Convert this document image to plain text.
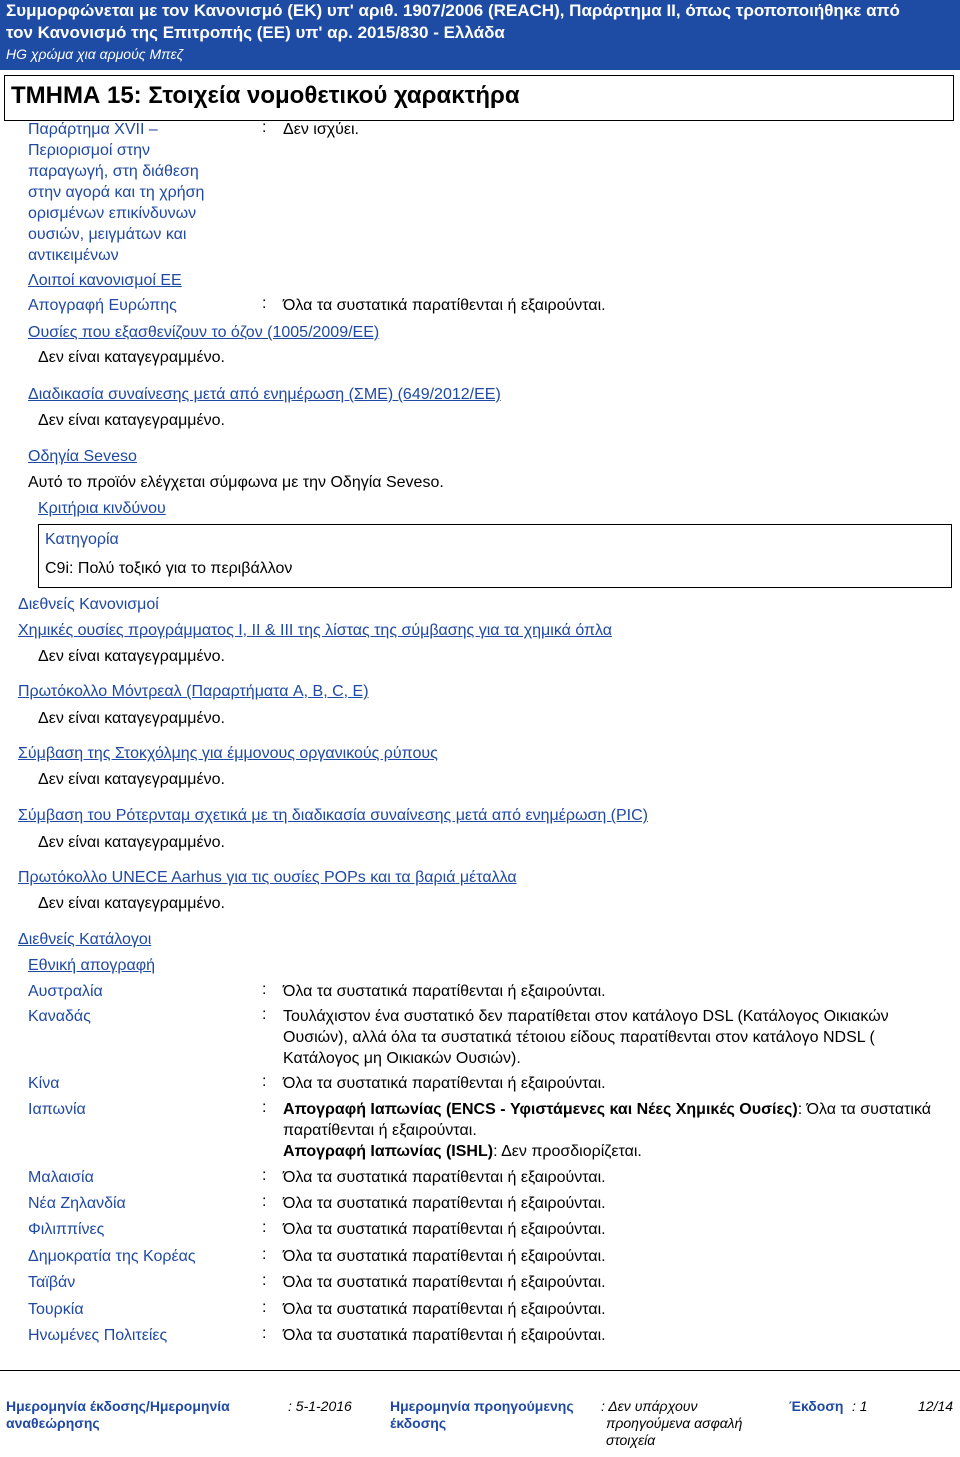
Συμμορφώνεται με τον Κανονισμό (ΕΚ) υπ' αριθ. 1907/2006 (REACH), Παράρτημα ΙΙ, όπως τροποποιήθηκε από
τον Κανονισμό της Επιτροπής (ΕΕ) υπ' αρ. 2015/830 - Ελλάδα
HG χρώμα χια αρμούς Μπεζ
ΤΜΗΜΑ 15: Στοιχεία νομοθετικού χαρακτήρα
Παράρτημα XVII –
Περιορισμοί στην
παραγωγή, στη διάθεση
στην αγορά και τη χρήση
ορισμένων επικίνδυνων
ουσιών, μειγμάτων και
αντικειμένων
: Δεν ισχύει.
Λοιποί κανονισμοί ΕΕ
Απογραφή Ευρώπης	: Όλα τα συστατικά παρατίθενται ή εξαιρούνται.
Ουσίες που εξασθενίζουν το όζον (1005/2009/ΕΕ)
Δεν είναι καταγεγραμμένο.
Διαδικασία συναίνεσης μετά από ενημέρωση (ΣΜΕ) (649/2012/ΕΕ)
Δεν είναι καταγεγραμμένο.
Οδηγία Seveso
Αυτό το προϊόν ελέγχεται σύμφωνα με την Οδηγία Seveso.
Κριτήρια κινδύνου
Κατηγορία
C9i: Πολύ τοξικό για το περιβάλλον
Διεθνείς Κανονισμοί
Χημικές ουσίες προγράμματος I, II & III της λίστας της σύμβασης για τα χημικά όπλα
Δεν είναι καταγεγραμμένο.
Πρωτόκολλο Μόντρεαλ (Παραρτήματα A, B, C, E)
Δεν είναι καταγεγραμμένο.
Σύμβαση της Στοκχόλμης για έμμονους οργανικούς ρύπους
Δεν είναι καταγεγραμμένο.
Σύμβαση του Ρότερνταμ σχετικά με τη διαδικασία συναίνεσης μετά από ενημέρωση (PIC)
Δεν είναι καταγεγραμμένο.
Πρωτόκολλο UNECE Aarhus για τις ουσίες POPs και τα βαριά μέταλλα
Δεν είναι καταγεγραμμένο.
Διεθνείς Κατάλογοι
Εθνική απογραφή
Αυστραλία	: Όλα τα συστατικά παρατίθενται ή εξαιρούνται.
Καναδάς	: Τουλάχιστον ένα συστατικό δεν παρατίθεται στον κατάλογο DSL (Κατάλογος Οικιακών Ουσιών), αλλά όλα τα συστατικά τέτοιου είδους παρατίθενται στον κατάλογο NDSL ( Κατάλογος μη Οικιακών Ουσιών).
Κίνα	: Όλα τα συστατικά παρατίθενται ή εξαιρούνται.
Ιαπωνία	: Απογραφή Ιαπωνίας (ENCS - Υφιστάμενες και Νέες Χημικές Ουσίες): Όλα τα συστατικά παρατίθενται ή εξαιρούνται.
Απογραφή Ιαπωνίας (ISHL): Δεν προσδιορίζεται.
Μαλαισία	: Όλα τα συστατικά παρατίθενται ή εξαιρούνται.
Νέα Ζηλανδία	: Όλα τα συστατικά παρατίθενται ή εξαιρούνται.
Φιλιππίνες	: Όλα τα συστατικά παρατίθενται ή εξαιρούνται.
Δημοκρατία της Κορέας	: Όλα τα συστατικά παρατίθενται ή εξαιρούνται.
Ταϊβάν	: Όλα τα συστατικά παρατίθενται ή εξαιρούνται.
Τουρκία	: Όλα τα συστατικά παρατίθενται ή εξαιρούνται.
Ηνωμένες Πολιτείες	: Όλα τα συστατικά παρατίθενται ή εξαιρούνται.
Ημερομηνία έκδοσης/Ημερομηνία
αναθεώρησης
: 5-1-2016	Ημερομηνία προηγούμενης
έκδοσης
: Δεν υπάρχουν
προηγούμενα ασφαλή
στοιχεία
Έκδοση : 1	12/14
